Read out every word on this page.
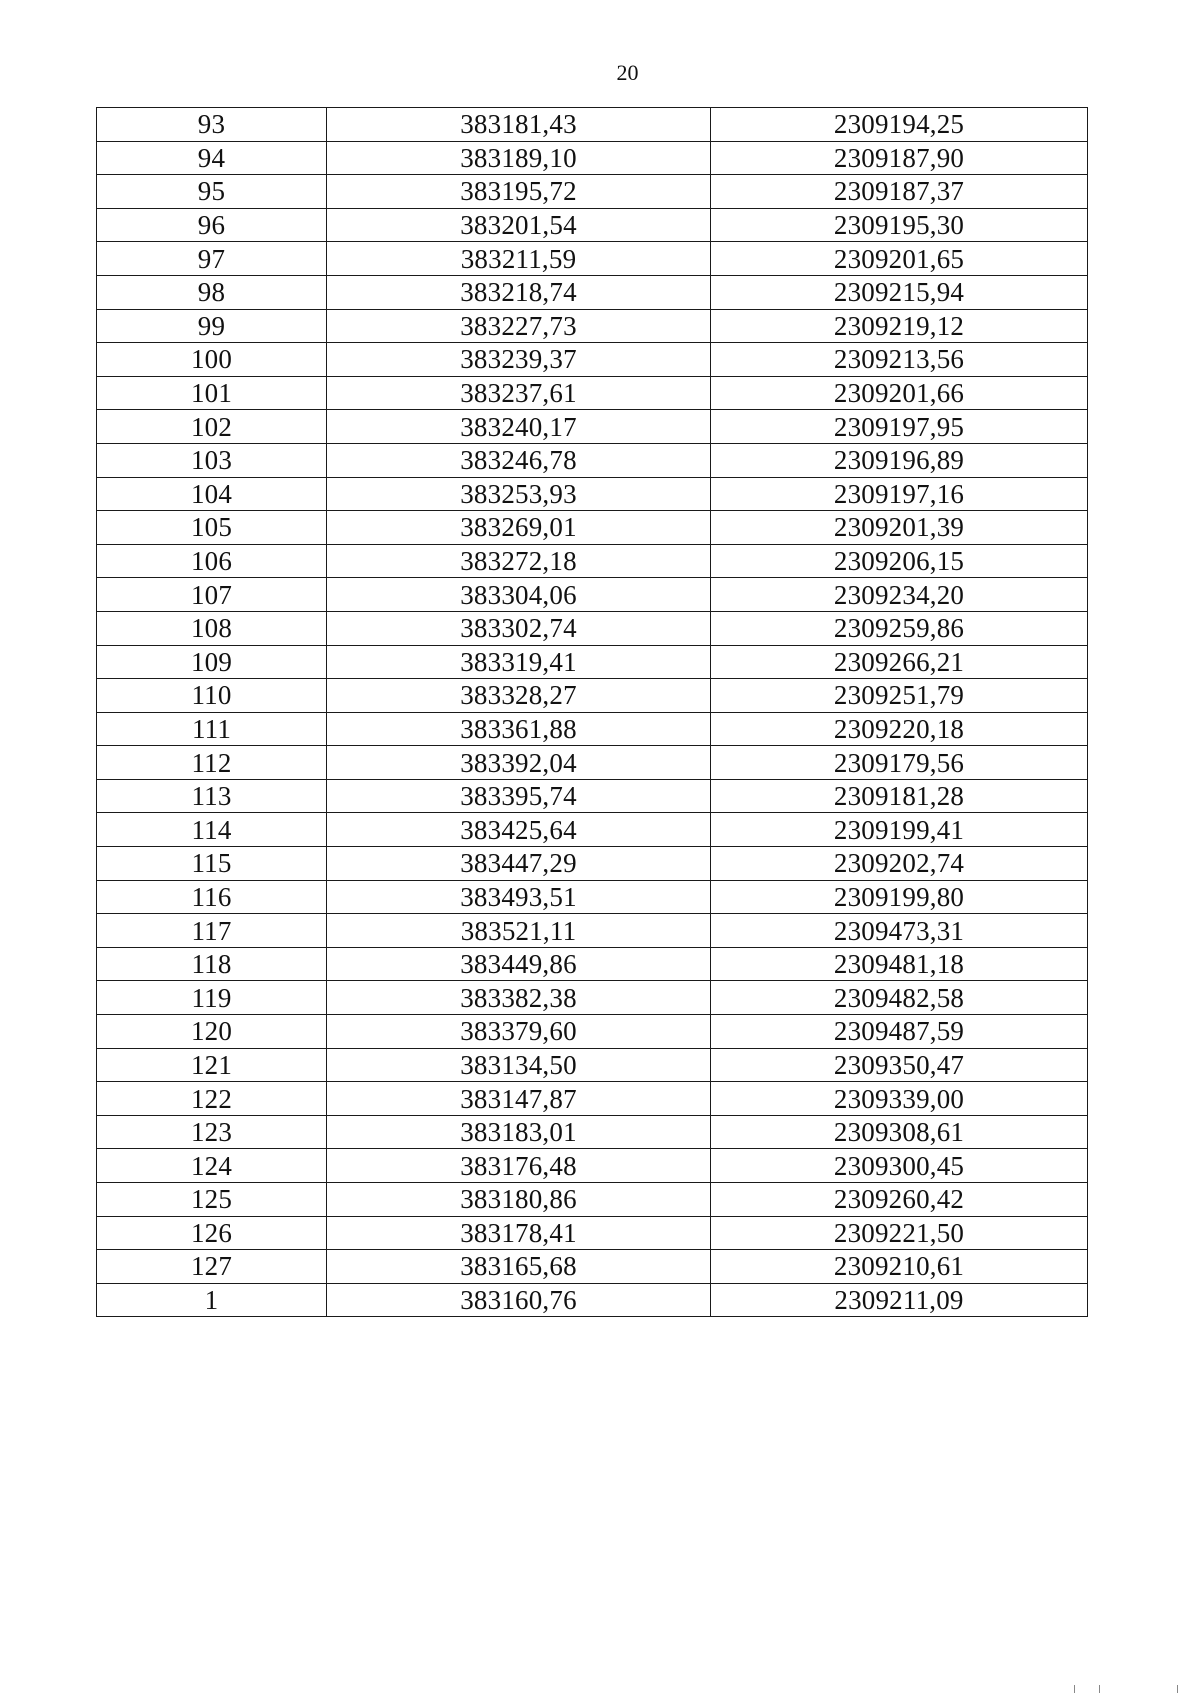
20
93	383181,43	2309194,25
94	383189,10	2309187,90
95	383195,72	2309187,37
96	383201,54	2309195,30
97	383211,59	2309201,65
98	383218,74	2309215,94
99	383227,73	2309219,12
100	383239,37	2309213,56
101	383237,61	2309201,66
102	383240,17	2309197,95
103	383246,78	2309196,89
104	383253,93	2309197,16
105	383269,01	2309201,39
106	383272,18	2309206,15
107	383304,06	2309234,20
108	383302,74	2309259,86
109	383319,41	2309266,21
110	383328,27	2309251,79
111	383361,88	2309220,18
112	383392,04	2309179,56
113	383395,74	2309181,28
114	383425,64	2309199,41
115	383447,29	2309202,74
116	383493,51	2309199,80
117	383521,11	2309473,31
118	383449,86	2309481,18
119	383382,38	2309482,58
120	383379,60	2309487,59
121	383134,50	2309350,47
122	383147,87	2309339,00
123	383183,01	2309308,61
124	383176,48	2309300,45
125	383180,86	2309260,42
126	383178,41	2309221,50
127	383165,68	2309210,61
1	383160,76	2309211,09
